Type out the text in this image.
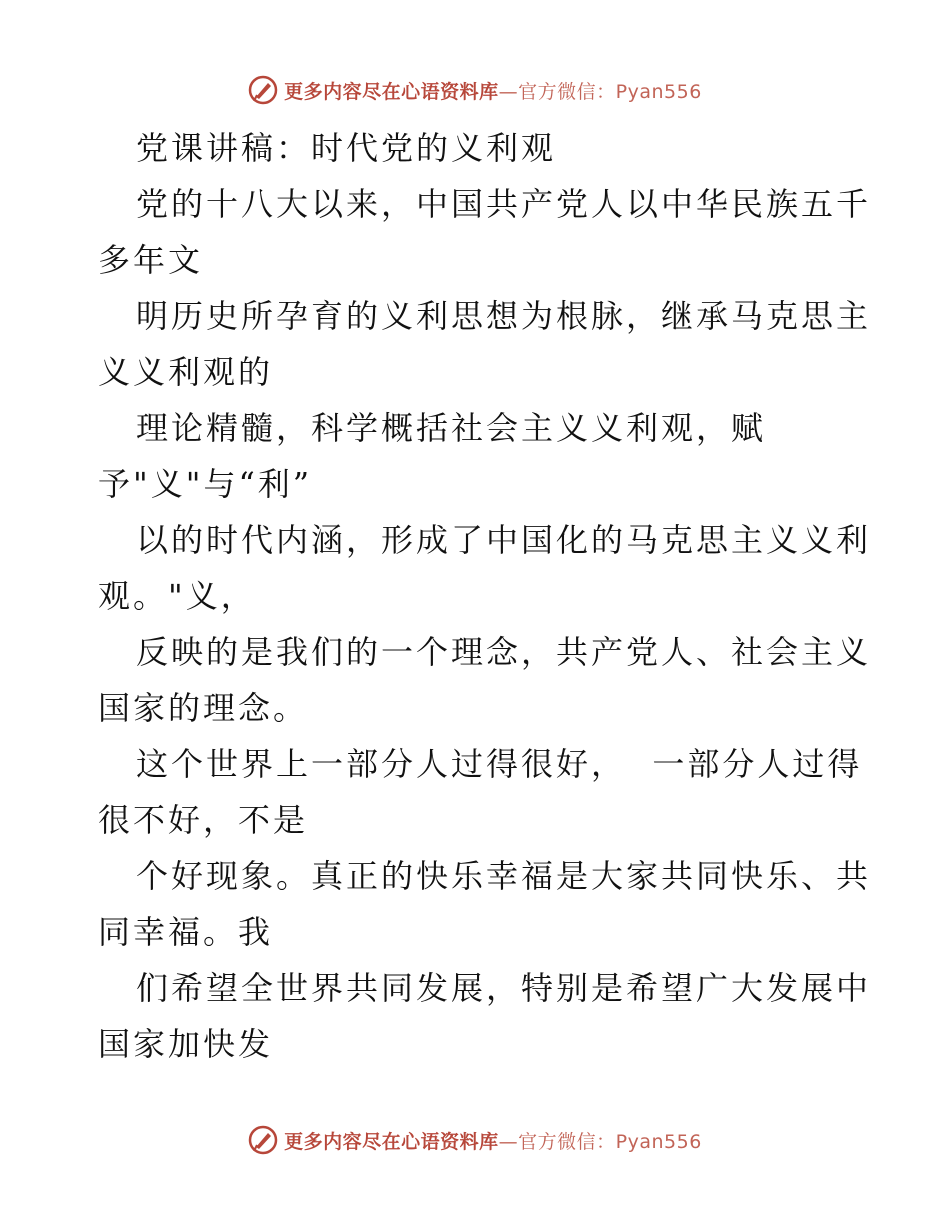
更多内容尽在心语资料库—官方微信：Pyan556
党课讲稿：时代党的义利观
党的十八大以来，中国共产党人以中华民族五千
多年文
明历史所孕育的义利思想为根脉，继承马克思主
义义利观的
理论精髓，科学概括社会主义义利观，赋
予"义"与“利”
以的时代内涵，形成了中国化的马克思主义义利
观。"义，
反映的是我们的一个理念，共产党人、社会主义
国家的理念。
这个世界上一部分人过得很好，  一部分人过得
很不好，不是
个好现象。真正的快乐幸福是大家共同快乐、共
同幸福。我
们希望全世界共同发展，特别是希望广大发展中
国家加快发
更多内容尽在心语资料库—官方微信：Pyan556
